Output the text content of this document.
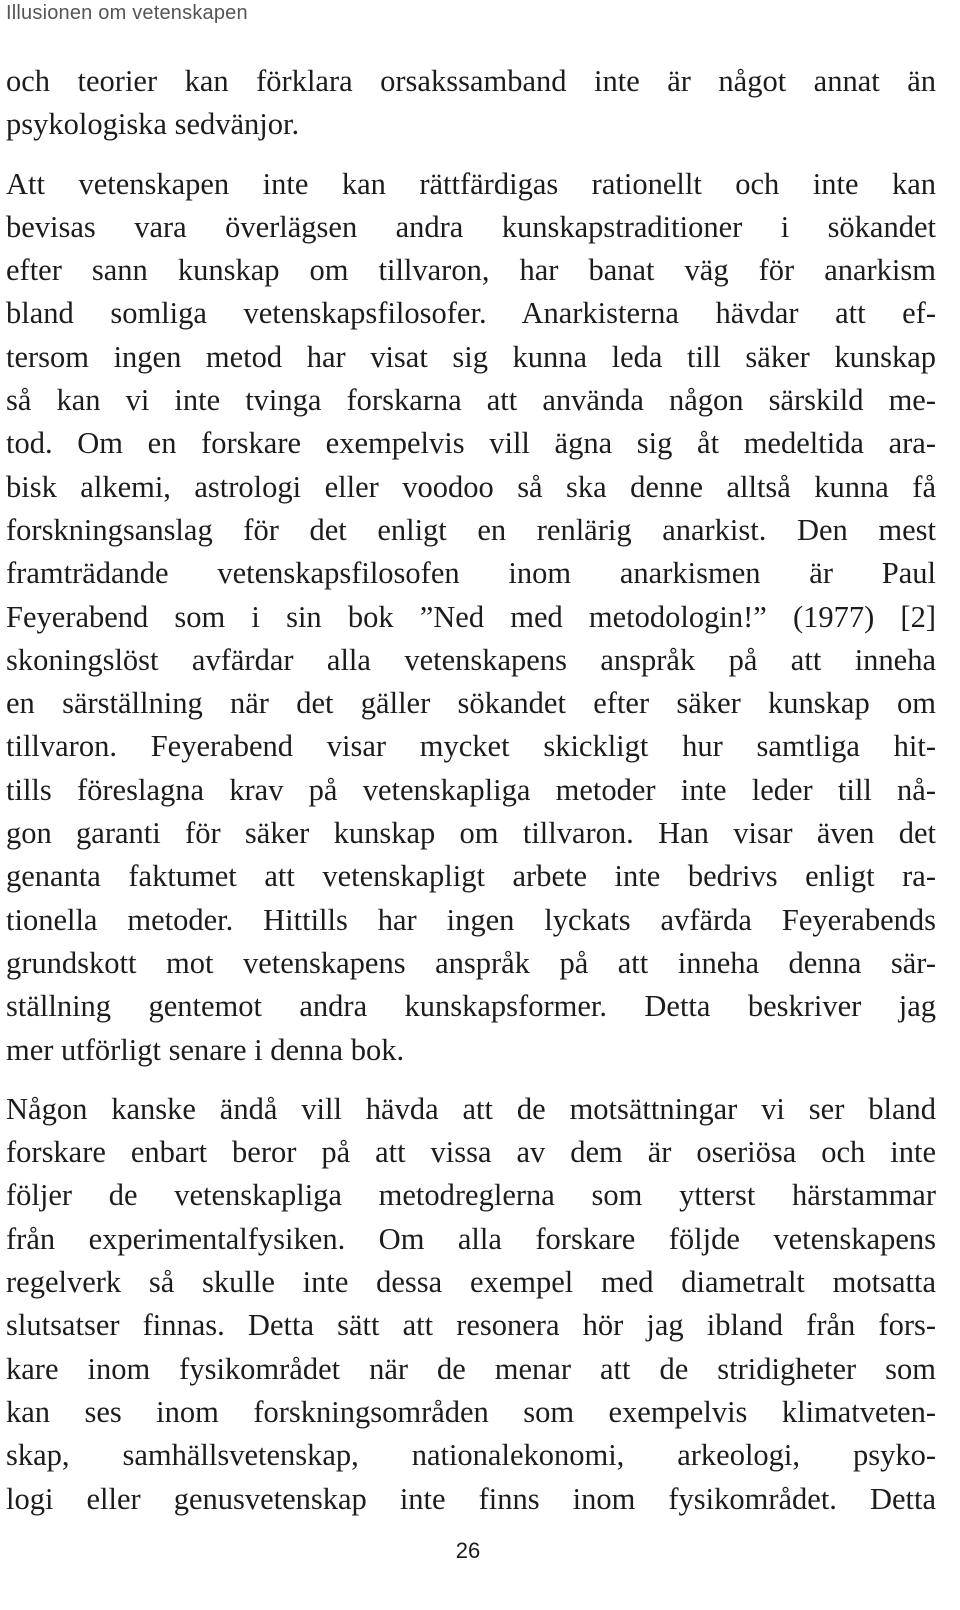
Illusionen om vetenskapen
och teorier kan förklara orsakssamband inte är något annat än
psykologiska sedvänjor.
Att vetenskapen inte kan rättfärdigas rationellt och inte kan
bevisas vara överlägsen andra kunskapstraditioner i sökandet
efter sann kunskap om tillvaron, har banat väg för anarkism
bland somliga vetenskapsfilosofer. Anarkisterna hävdar att ef-
tersom ingen metod har visat sig kunna leda till säker kunskap
så kan vi inte tvinga forskarna att använda någon särskild me-
tod. Om en forskare exempelvis vill ägna sig åt medeltida ara-
bisk alkemi, astrologi eller voodoo så ska denne alltså kunna få
forskningsanslag för det enligt en renlärig anarkist. Den mest
framträdande vetenskapsfilosofen inom anarkismen är Paul
Feyerabend som i sin bok ”Ned med metodologin!” (1977) [2]
skoningslöst avfärdar alla vetenskapens anspråk på att inneha
en särställning när det gäller sökandet efter säker kunskap om
tillvaron. Feyerabend visar mycket skickligt hur samtliga hit-
tills föreslagna krav på vetenskapliga metoder inte leder till nå-
gon garanti för säker kunskap om tillvaron. Han visar även det
genanta faktumet att vetenskapligt arbete inte bedrivs enligt ra-
tionella metoder. Hittills har ingen lyckats avfärda Feyerabends
grundskott mot vetenskapens anspråk på att inneha denna sär-
ställning gentemot andra kunskapsformer. Detta beskriver jag
mer utförligt senare i denna bok.
Någon kanske ändå vill hävda att de motsättningar vi ser bland
forskare enbart beror på att vissa av dem är oseriösa och inte
följer de vetenskapliga metodreglerna som ytterst härstammar
från experimentalfysiken. Om alla forskare följde vetenskapens
regelverk så skulle inte dessa exempel med diametralt motsatta
slutsatser finnas. Detta sätt att resonera hör jag ibland från fors-
kare inom fysikområdet när de menar att de stridigheter som
kan ses inom forskningsområden som exempelvis klimatveten-
skap, samhällsvetenskap, nationalekonomi, arkeologi, psyko-
logi eller genusvetenskap inte finns inom fysikområdet. Detta
26
